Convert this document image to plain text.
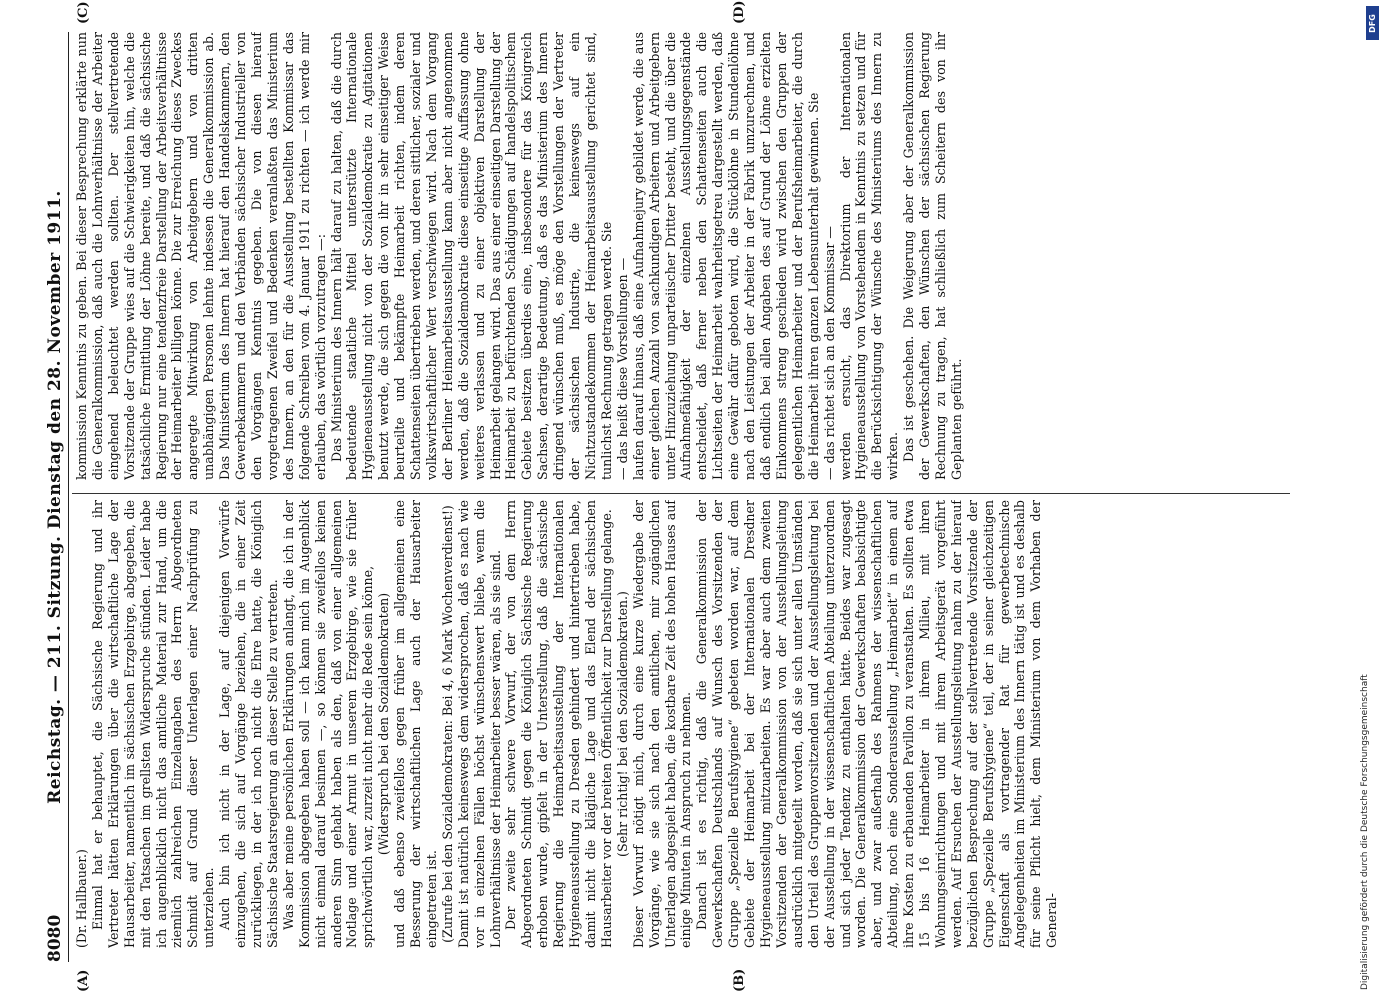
8080
Reichstag. — 211. Sitzung. Dienstag den 28. November 1911.
(A)	(B)
(C)	(D)

(Dr. Hallbauer.) Einmal hat er behauptet, die Sächsische Regierung und ihr Vertreter hätten Erklärungen über die wirtschaftliche Lage der Hausarbeiter, namentlich im sächsischen Erzgebirge, abgegeben, die mit den Tatsachen im grellsten Widerspruche stünden. Leider habe ich augenblicklich nicht das amtliche Material zur Hand, um die ziemlich zahlreichen Einzelangaben des Herrn Abgeordneten Schmidt auf Grund dieser Unterlagen einer Nachprüfung zu unterziehen. Auch bin ich nicht in der Lage, auf diejenigen Vorwürfe einzugehen, die sich auf Vorgänge beziehen, die in einer Zeit zurückliegen, in der ich noch nicht die Ehre hatte, die Königlich Sächsische Staatsregierung an dieser Stelle zu vertreten. Was aber meine persönlichen Erklärungen anlangt, die ich in der Kommission abgegeben haben soll — ich kann mich im Augenblick nicht einmal darauf besinnen —, so können sie zweifellos keinen anderen Sinn gehabt haben als den, daß von einer allgemeinen Notlage und einer Armut in unserem Erzgebirge, wie sie früher sprichwörtlich war, zurzeit nicht mehr die Rede sein könne, (Widerspruch bei den Sozialdemokraten) und daß ebenso zweifellos gegen früher im allgemeinen eine Besserung der wirtschaftlichen Lage auch der Hausarbeiter eingetreten ist. (Zurufe bei den Sozialdemokraten: Bei 4, 6 Mark Wochenverdienst!) Damit ist natürlich keineswegs dem widersprochen, daß es nach wie vor in einzelnen Fällen höchst wünschenswert bliebe, wenn die Lohnverhältnisse der Heimarbeiter besser wären, als sie sind. Der zweite sehr schwere Vorwurf, der von dem Herrn Abgeordneten Schmidt gegen die Königlich Sächsische Regierung erhoben wurde, gipfelt in der Unterstellung, daß die sächsische Regierung die Heimarbeitsausstellung der Internationalen Hygieneausstellung zu Dresden gehindert und hintertrieben habe, damit nicht die klägliche Lage und das Elend der sächsischen Hausarbeiter vor der breiten Öffentlichkeit zur Darstellung gelange. (Sehr richtig! bei den Sozialdemokraten.) Dieser Vorwurf nötigt mich, durch eine kurze Wiedergabe der Vorgänge, wie sie sich nach den amtlichen, mir zugänglichen Unterlagen abgespielt haben, die kostbare Zeit des hohen Hauses auf einige Minuten in Anspruch zu nehmen. Danach ist es richtig, daß die Generalkommission der Gewerkschaften Deutschlands auf Wunsch des Vorsitzenden der Gruppe „Spezielle Berufshygiene“ gebeten worden war, auf dem Gebiete der Heimarbeit bei der Internationalen Dresdner Hygieneausstellung mitzuarbeiten. Es war aber auch dem zweiten Vorsitzenden der Generalkommission von der Ausstellungsleitung ausdrücklich mitgeteilt worden, daß sie sich unter allen Umständen den Urteil des Gruppenvorsitzenden und der Ausstellungsleitung bei der Ausstellung in der wissenschaftlichen Abteilung unterzuordnen und sich jeder Tendenz zu enthalten hätte. Beides war zugesagt worden. Die Generalkommission der Gewerkschaften beabsichtigte aber, und zwar außerhalb des Rahmens der wissenschaftlichen Abteilung, noch eine Sonderausstellung „Heimarbeit“ in einem auf ihre Kosten zu erbauenden Pavillon zu veranstalten. Es sollten etwa 15 bis 16 Heimarbeiter in ihrem Milieu, mit ihren Wohnungseinrichtungen und mit ihrem Arbeitsgerät vorgeführt werden. Auf Ersuchen der Ausstellungsleitung nahm zu der hierauf bezüglichen Besprechung auf der stellvertretende Vorsitzende der Gruppe „Spezielle Berufshygiene“ teil, der in seiner gleichzeitigen Eigenschaft als vortragender Rat für gewerbetechnische Angelegenheiten im Ministerium des Innern tätig ist und es deshalb für seine Pflicht hielt, dem Ministerium von dem Vorhaben der General-

kommission Kenntnis zu geben. Bei dieser Besprechung erklärte nun die Generalkommission, daß auch die Lohnverhältnisse der Arbeiter eingehend beleuchtet werden sollten. Der stellvertretende Vorsitzende der Gruppe wies auf die Schwierigkeiten hin, welche die tatsächliche Ermittlung der Löhne bereite, und daß die sächsische Regierung nur eine tendenzfreie Darstellung der Arbeitsverhältnisse der Heimarbeiter billigen könne. Die zur Erreichung dieses Zweckes angeregte Mitwirkung von Arbeitgebern und von dritten unabhängigen Personen lehnte indessen die Generalkommission ab. Das Ministerium des Innern hat hierauf den Handelskammern, den Gewerbekammern und den Verbänden sächsischer Industrieller von den Vorgängen Kenntnis gegeben. Die von diesen hierauf vorgetragenen Zweifel und Bedenken veranlaßten das Ministerium des Innern, an den für die Ausstellung bestellten Kommissar das folgende Schreiben vom 4. Januar 1911 zu richten — ich werde mir erlauben, das wörtlich vorzutragen —: Das Ministerium des Innern hält darauf zu halten, daß die durch bedeutende staatliche Mittel unterstützte Internationale Hygieneausstellung nicht von der Sozialdemokratie zu Agitationen benutzt werde, die sich gegen die von ihr in sehr einseitiger Weise beurteilte und bekämpfte Heimarbeit richten, indem deren Schattenseiten übertrieben werden, und deren sittlicher, sozialer und volkswirtschaftlicher Wert verschwiegen wird. Nach dem Vorgang der Berliner Heimarbeitsausstellung kann aber nicht angenommen werden, daß die Sozialdemokratie diese einseitige Auffassung ohne weiteres verlassen und zu einer objektiven Darstellung der Heimarbeit gelangen wird. Das aus einer einseitigen Darstellung der Heimarbeit zu befürchtenden Schädigungen auf handelspolitischem Gebiete besitzen überdies eine, insbesondere für das Königreich Sachsen, derartige Bedeutung, daß es das Ministerium des Innern dringend wünschen muß, es möge den Vorstellungen der Vertreter der sächsischen Industrie, die keineswegs auf ein Nichtzustandekommen der Heimarbeitsausstellung gerichtet sind, tunlichst Rechnung getragen werde. Sie — das heißt diese Vorstellungen — laufen darauf hinaus, daß eine Aufnahmejury gebildet werde, die aus einer gleichen Anzahl von sachkundigen Arbeitern und Arbeitgebern unter Hinzuziehung unparteiischer Dritter besteht, und die über die Aufnahmefähigkeit der einzelnen Ausstellungsgegenstände entscheidet, daß ferner neben den Schattenseiten auch die Lichtseiten der Heimarbeit wahrheitsgetreu dargestellt werden, daß eine Gewähr dafür geboten wird, die Stücklöhne in Stundenlöhne nach den Leistungen der Arbeiter in der Fabrik umzurechnen, und daß endlich bei allen Angaben des auf Grund der Löhne erzielten Einkommens streng geschieden wird zwischen den Gruppen der gelegentlichen Heimarbeiter und der Berufsheimarbeiter, die durch die Heimarbeit ihren ganzen Lebensunterhalt gewinnen. Sie — das richtet sich an den Kommissar — werden ersucht, das Direktorium der Internationalen Hygieneausstellung von Vorstehendem in Kenntnis zu setzen und für die Berücksichtigung der Wünsche des Ministeriums des Innern zu wirken. Das ist geschehen. Die Weigerung aber der Generalkommission der Gewerkschaften, den Wünschen der sächsischen Regierung Rechnung zu tragen, hat schließlich zum Scheitern des von ihr Geplanten geführt.

DFG
Digitalisierung gefördert durch die Deutsche Forschungsgemeinschaft
